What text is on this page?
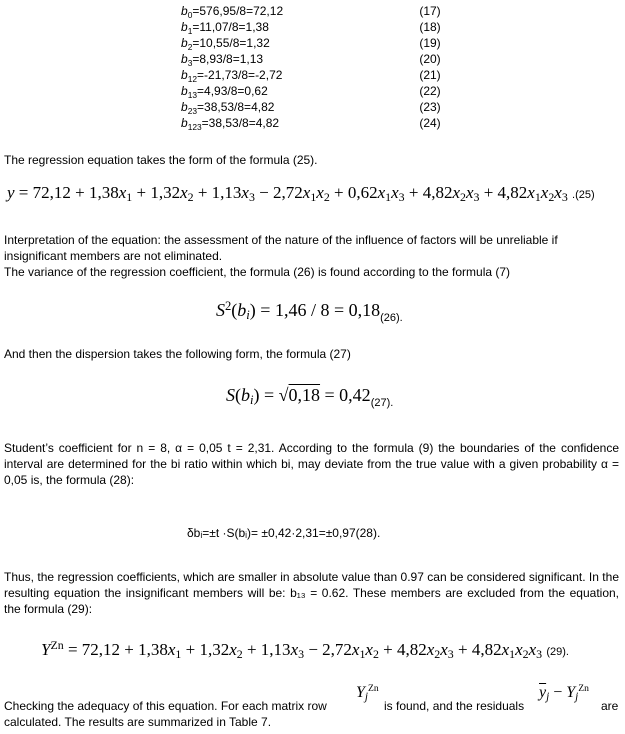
$b_0=576,95/8=72,12$	(17)
$b_1=11,07/8=1,38$	(18)
$b_2=10,55/8=1,32$	(19)
$b_3=8,93/8=1,13$	(20)
$b_{12}=-21,73/8=-2,72$	(21)
$b_{13}=4,93/8=0,62$	(22)
$b_{23}=38,53/8=4,82$	(23)
$b_{123}=38,53/8=4,82$	(24)
The regression equation takes the form of the formula (25).
$y = 72,12 + 1,38x_1 + 1,32x_2 + 1,13x_3 - 2,72x_1x_2 + 0,62x_1x_3 + 4,82x_2x_3 + 4,82x_1x_2x_3$ .(25)
Interpretation of the equation: the assessment of the nature of the influence of factors will be unreliable if insignificant members are not eliminated.
The variance of the regression coefficient, the formula (26) is found according to the formula (7)
$S^2(b_i) = 1,46 / 8 = 0,18_{(26).}$
And then the dispersion takes the following form, the formula (27)
$S(b_i) = √0,18 = 0,42_{(27).}$
Student’s coefficient for n = 8, α = 0,05 t = 2,31. According to the formula (9) the boundaries of the confidence interval are determined for the bi ratio within which bi, may deviate from the true value with a given probability α = 0,05 is, the formula (28):
δbᵢ=±t ·S(bᵢ)= ±0,42·2,31=±0,97(28).
Thus, the regression coefficients, which are smaller in absolute value than 0.97 can be considered significant. In the resulting equation the insignificant members will be: b₁₃ = 0.62. These members are excluded from the equation, the formula (29):
$Y^{Zn} = 72,12 + 1,38x_1 + 1,32x_2 + 1,13x_3 - 2,72x_1x_2 + 4,82x_2x_3 + 4,82x_1x_2x_3$ (29).
Checking the adequacy of this equation. For each matrix row
$Y_j^{Zn}$
is found, and the residuals
$\overline{y}_j - Y_j^{Zn}$
are
calculated. The results are summarized in Table 7.
